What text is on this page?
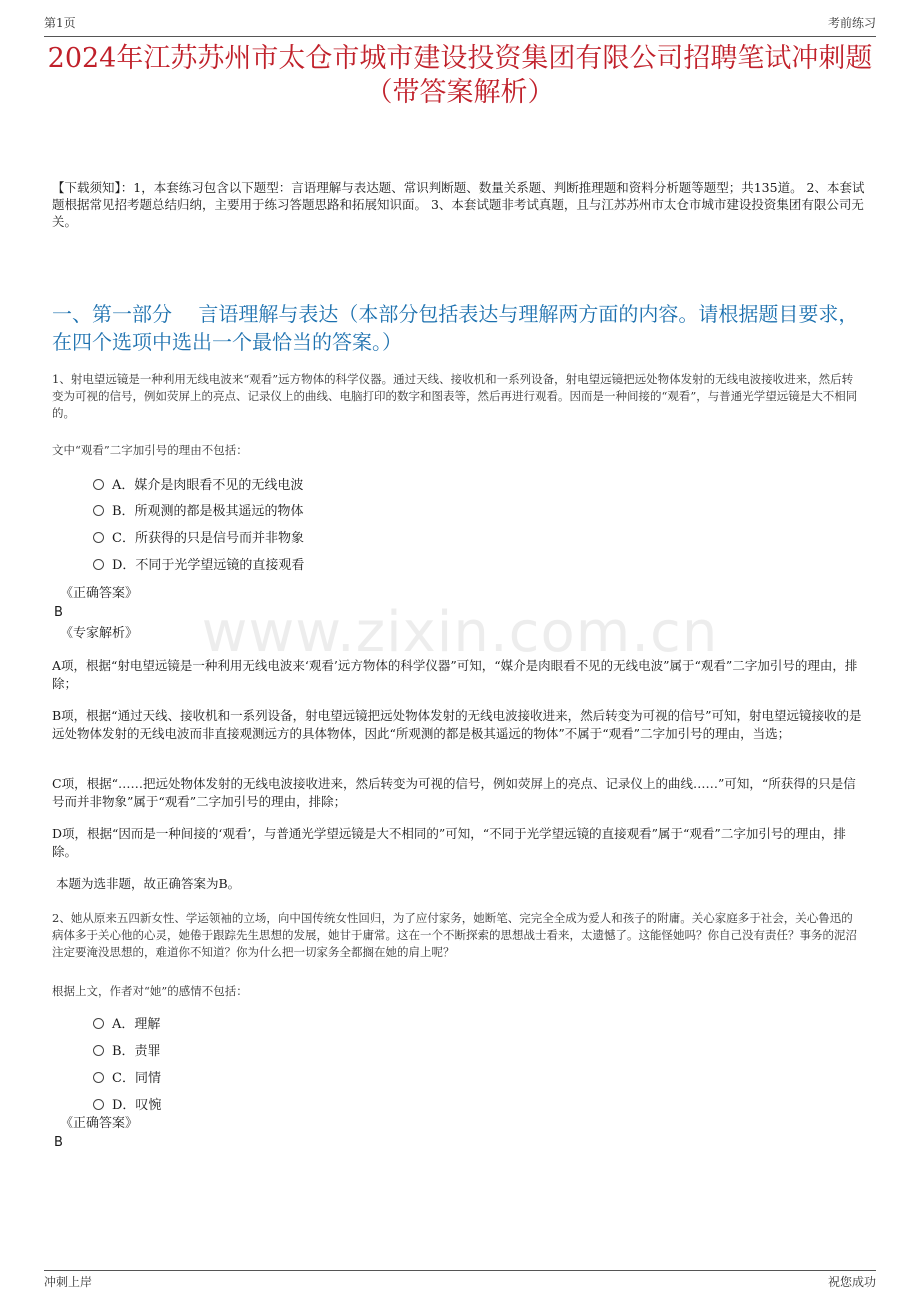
第1页	考前练习
2024年江苏苏州市太仓市城市建设投资集团有限公司招聘笔试冲刺题（带答案解析）
【下载须知】：1，本套练习包含以下题型：言语理解与表达题、常识判断题、数量关系题、判断推理题和资料分析题等题型；共135道。 2、本套试题根据常见招考题总结归纳，主要用于练习答题思路和拓展知识面。 3、本套试题非考试真题，且与江苏苏州市太仓市城市建设投资集团有限公司无关。
一、第一部分　 言语理解与表达（本部分包括表达与理解两方面的内容。请根据题目要求，在四个选项中选出一个最恰当的答案。）
www.zixin.com.cn
1、射电望远镜是一种利用无线电波来“观看”远方物体的科学仪器。通过天线、接收机和一系列设备，射电望远镜把远处物体发射的无线电波接收进来，然后转变为可视的信号，例如荧屏上的亮点、记录仪上的曲线、电脑打印的数字和图表等，然后再进行观看。因而是一种间接的“观看”，与普通光学望远镜是大不相同的。
文中“观看”二字加引号的理由不包括：
A．媒介是肉眼看不见的无线电波
B．所观测的都是极其遥远的物体
C．所获得的只是信号而并非物象
D．不同于光学望远镜的直接观看
《正确答案》
B
《专家解析》
A项，根据“射电望远镜是一种利用无线电波来‘观看’远方物体的科学仪器”可知，“媒介是肉眼看不见的无线电波”属于“观看”二字加引号的理由，排除；
B项，根据“通过天线、接收机和一系列设备，射电望远镜把远处物体发射的无线电波接收进来，然后转变为可视的信号”可知，射电望远镜接收的是远处物体发射的无线电波而非直接观测远方的具体物体，因此“所观测的都是极其遥远的物体”不属于“观看”二字加引号的理由，当选；
C项，根据“……把远处物体发射的无线电波接收进来，然后转变为可视的信号，例如荧屏上的亮点、记录仪上的曲线……”可知，“所获得的只是信号而并非物象”属于“观看”二字加引号的理由，排除；
D项，根据“因而是一种间接的‘观看’，与普通光学望远镜是大不相同的”可知，“不同于光学望远镜的直接观看”属于“观看”二字加引号的理由，排除。
本题为选非题，故正确答案为B。
2、她从原来五四新女性、学运领袖的立场，向中国传统女性回归，为了应付家务，她断笔、完完全全成为爱人和孩子的附庸。关心家庭多于社会，关心鲁迅的病体多于关心他的心灵，她倦于跟踪先生思想的发展，她甘于庸常。这在一个不断探索的思想战士看来，太遗憾了。这能怪她吗？你自己没有责任？事务的泥沼注定要淹没思想的，难道你不知道？你为什么把一切家务全都搁在她的肩上呢？
根据上文，作者对“她”的感情不包括：
A．理解
B．责罪
C．同情
D．叹惋
《正确答案》
B
冲刺上岸	祝您成功
